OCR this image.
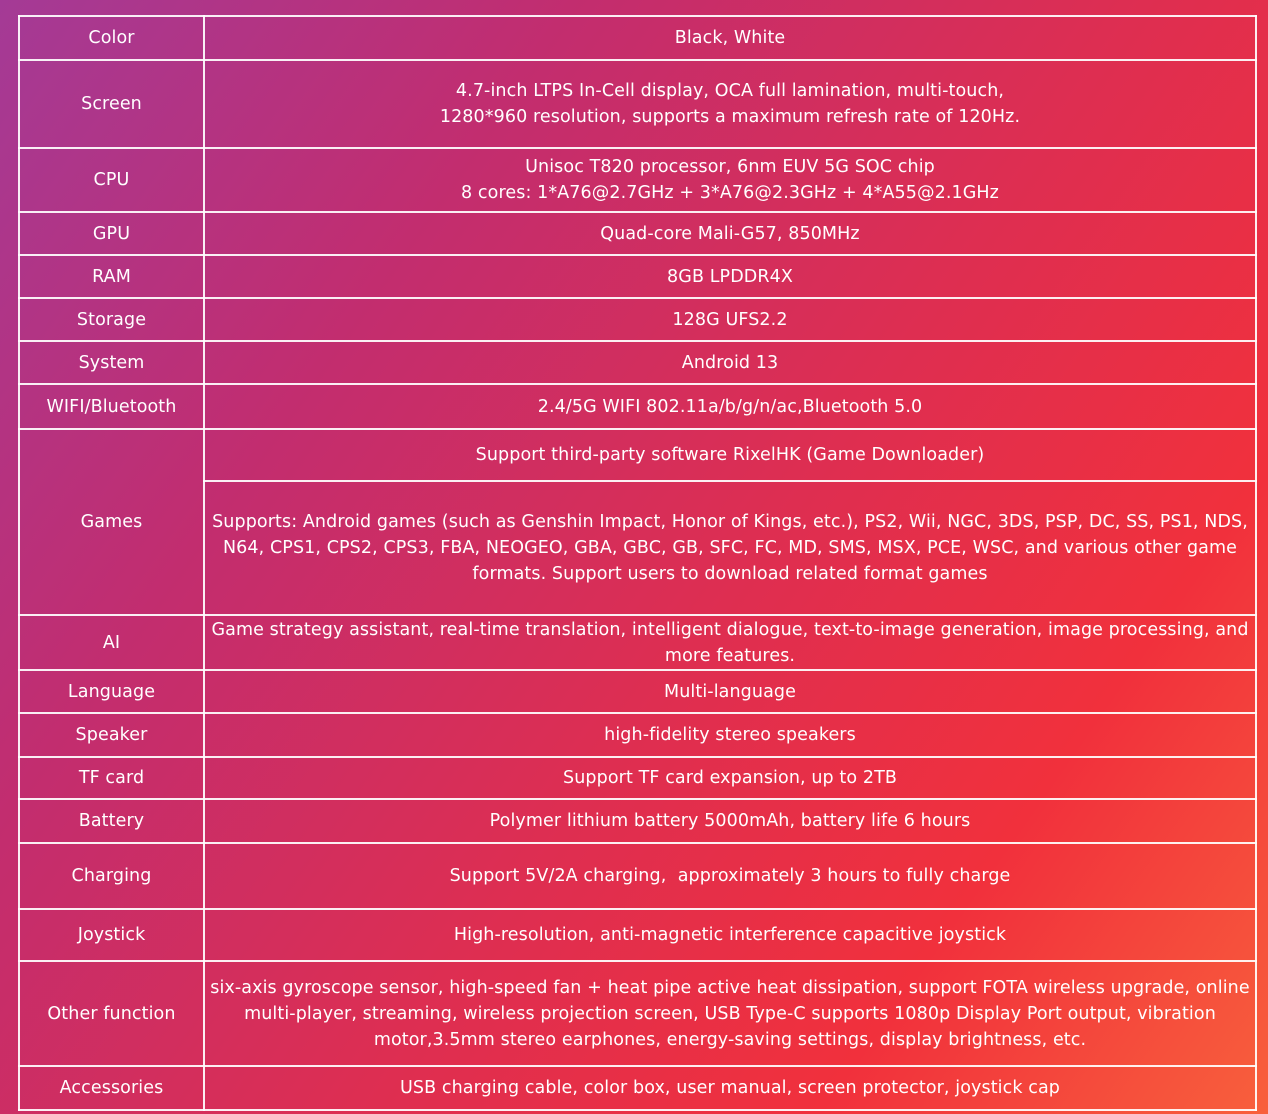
Color	Black, White
Screen	4.7-inch LTPS In-Cell display, OCA full lamination, multi-touch,
1280*960 resolution, supports a maximum refresh rate of 120Hz.

CPU	Unisoc T820 processor, 6nm EUV 5G SOC chip
8 cores: 1*A76@2.7GHz + 3*A76@2.3GHz + 4*A55@2.1GHz

GPU	Quad-core Mali-G57, 850MHz
RAM	8GB LPDDR4X
Storage	128G UFS2.2
System	Android 13
WIFI/Bluetooth	2.4/5G WIFI 802.11a/b/g/n/ac,Bluetooth 5.0
Games	Support third-party software RixelHK (Game Downloader)
	Supports: Android games (such as Genshin Impact, Honor of Kings, etc.), PS2, Wii, NGC, 3DS, PSP, DC, SS, PS1, NDS, N64, CPS1, CPS2, CPS3, FBA, NEOGEO, GBA, GBC, GB, SFC, FC, MD, SMS, MSX, PCE, WSC, and various other game formats. Support users to download related format games
AI	Game strategy assistant, real-time translation, intelligent dialogue, text-to-image generation, image processing, and more features.
Language	Multi-language
Speaker	high-fidelity stereo speakers
TF card	Support TF card expansion, up to 2TB
Battery	Polymer lithium battery 5000mAh, battery life 6 hours
Charging	Support 5V/2A charging,  approximately 3 hours to fully charge
Joystick	High-resolution, anti-magnetic interference capacitive joystick
Other function	six-axis gyroscope sensor, high-speed fan + heat pipe active heat dissipation, support FOTA wireless upgrade, online multi-player, streaming, wireless projection screen, USB Type-C supports 1080p Display Port output, vibration motor,3.5mm stereo earphones, energy-saving settings, display brightness, etc.
Accessories	USB charging cable, color box, user manual, screen protector, joystick cap
